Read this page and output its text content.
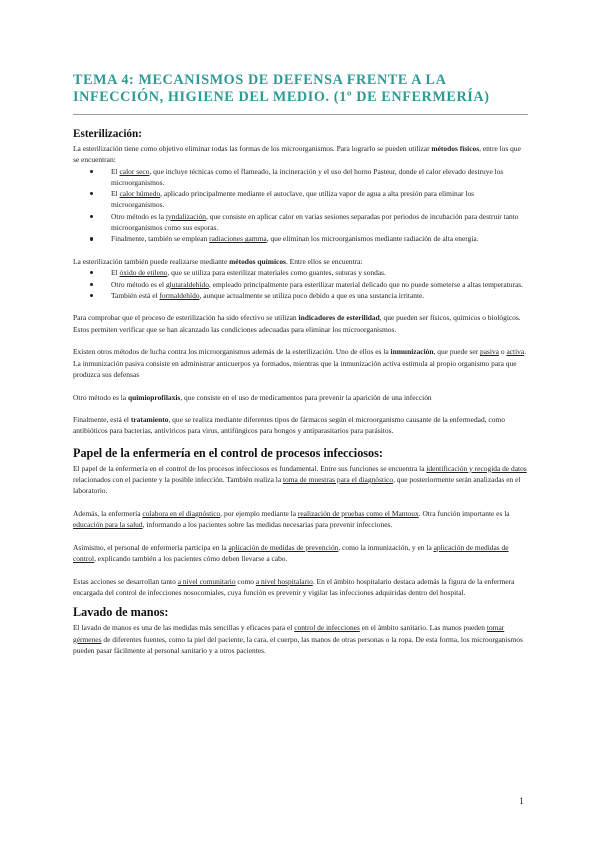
TEMA 4: MECANISMOS DE DEFENSA FRENTE A LA INFECCIÓN, HIGIENE DEL MEDIO. (1º DE ENFERMERÍA)
Esterilización:

La esterilización tiene como objetivo eliminar todas las formas de los microorganismos. Para lograrlo se pueden utilizar métodos físicos, entre los que se encuentran:

El calor seco, que incluye técnicas como el flameado, la incineración y el uso del horno Pasteur, donde el calor elevado destruye los microorganismos.
El calor húmedo, aplicado principalmente mediante el autoclave, que utiliza vapor de agua a alta presión para eliminar los microorganismos.
Otro método es la tyndalización, que consiste en aplicar calor en varias sesiones separadas por periodos de incubación para destruir tanto microorganismos como sus esporas.
Finalmente, también se emplean radiaciones gamma, que eliminan los microorganismos mediante radiación de alta energía.

La esterilización también puede realizarse mediante métodos químicos. Entre ellos se encuentra:

El óxido de etileno, que se utiliza para esterilizar materiales como guantes, suturas y sondas.
Otro método es el glutaraldehído, empleado principalmente para esterilizar material delicado que no puede someterse a altas temperaturas.
También está el formaldehído, aunque actualmente se utiliza poco debido a que es una sustancia irritante.

Para comprobar que el proceso de esterilización ha sido efectivo se utilizan indicadores de esterilidad, que pueden ser físicos, químicos o biológicos. Estos permiten verificar que se han alcanzado las condiciones adecuadas para eliminar los microorganismos.

Existen otros métodos de lucha contra los microorganismos además de la esterilización. Uno de ellos es la inmunización, que puede ser pasiva o activa. La inmunización pasiva consiste en administrar anticuerpos ya formados, mientras que la inmunización activa estimula al propio organismo para que produzca sus defensas

Otro método es la quimioprofilaxis, que consiste en el uso de medicamentos para prevenir la aparición de una infección

Finalmente, está el tratamiento, que se realiza mediante diferentes tipos de fármacos según el microorganismo causante de la enfermedad, como antibióticos para bacterias, antivíricos para virus, antifúngicos para hongos y antiparasitarios para parásitos.

Papel de la enfermería en el control de procesos infecciosos:

El papel de la enfermería en el control de los procesos infecciosos es fundamental. Entre sus funciones se encuentra la identificación y recogida de datos relacionados con el paciente y la posible infección. También realiza la toma de muestras para el diagnóstico, que posteriormente serán analizadas en el laboratorio.

Además, la enfermería colabora en el diagnóstico, por ejemplo mediante la realización de pruebas como el Mantoux. Otra función importante es la educación para la salud, informando a los pacientes sobre las medidas necesarias para prevenir infecciones.

Asimismo, el personal de enfermería participa en la aplicación de medidas de prevención, como la inmunización, y en la aplicación de medidas de control, explicando también a los pacientes cómo deben llevarse a cabo.

Estas acciones se desarrollan tanto a nivel comunitario como a nivel hospitalario. En el ámbito hospitalario destaca además la figura de la enfermera encargada del control de infecciones nosocomiales, cuya función es prevenir y vigilar las infecciones adquiridas dentro del hospital.

Lavado de manos:

El lavado de manos es una de las medidas más sencillas y eficaces para el control de infecciones en el ámbito sanitario. Las manos pueden tomar gérmenes de diferentes fuentes, como la piel del paciente, la cara, el cuerpo, las manos de otras personas o la ropa. De esta forma, los microorganismos pueden pasar fácilmente al personal sanitario y a otros pacientes.

1
